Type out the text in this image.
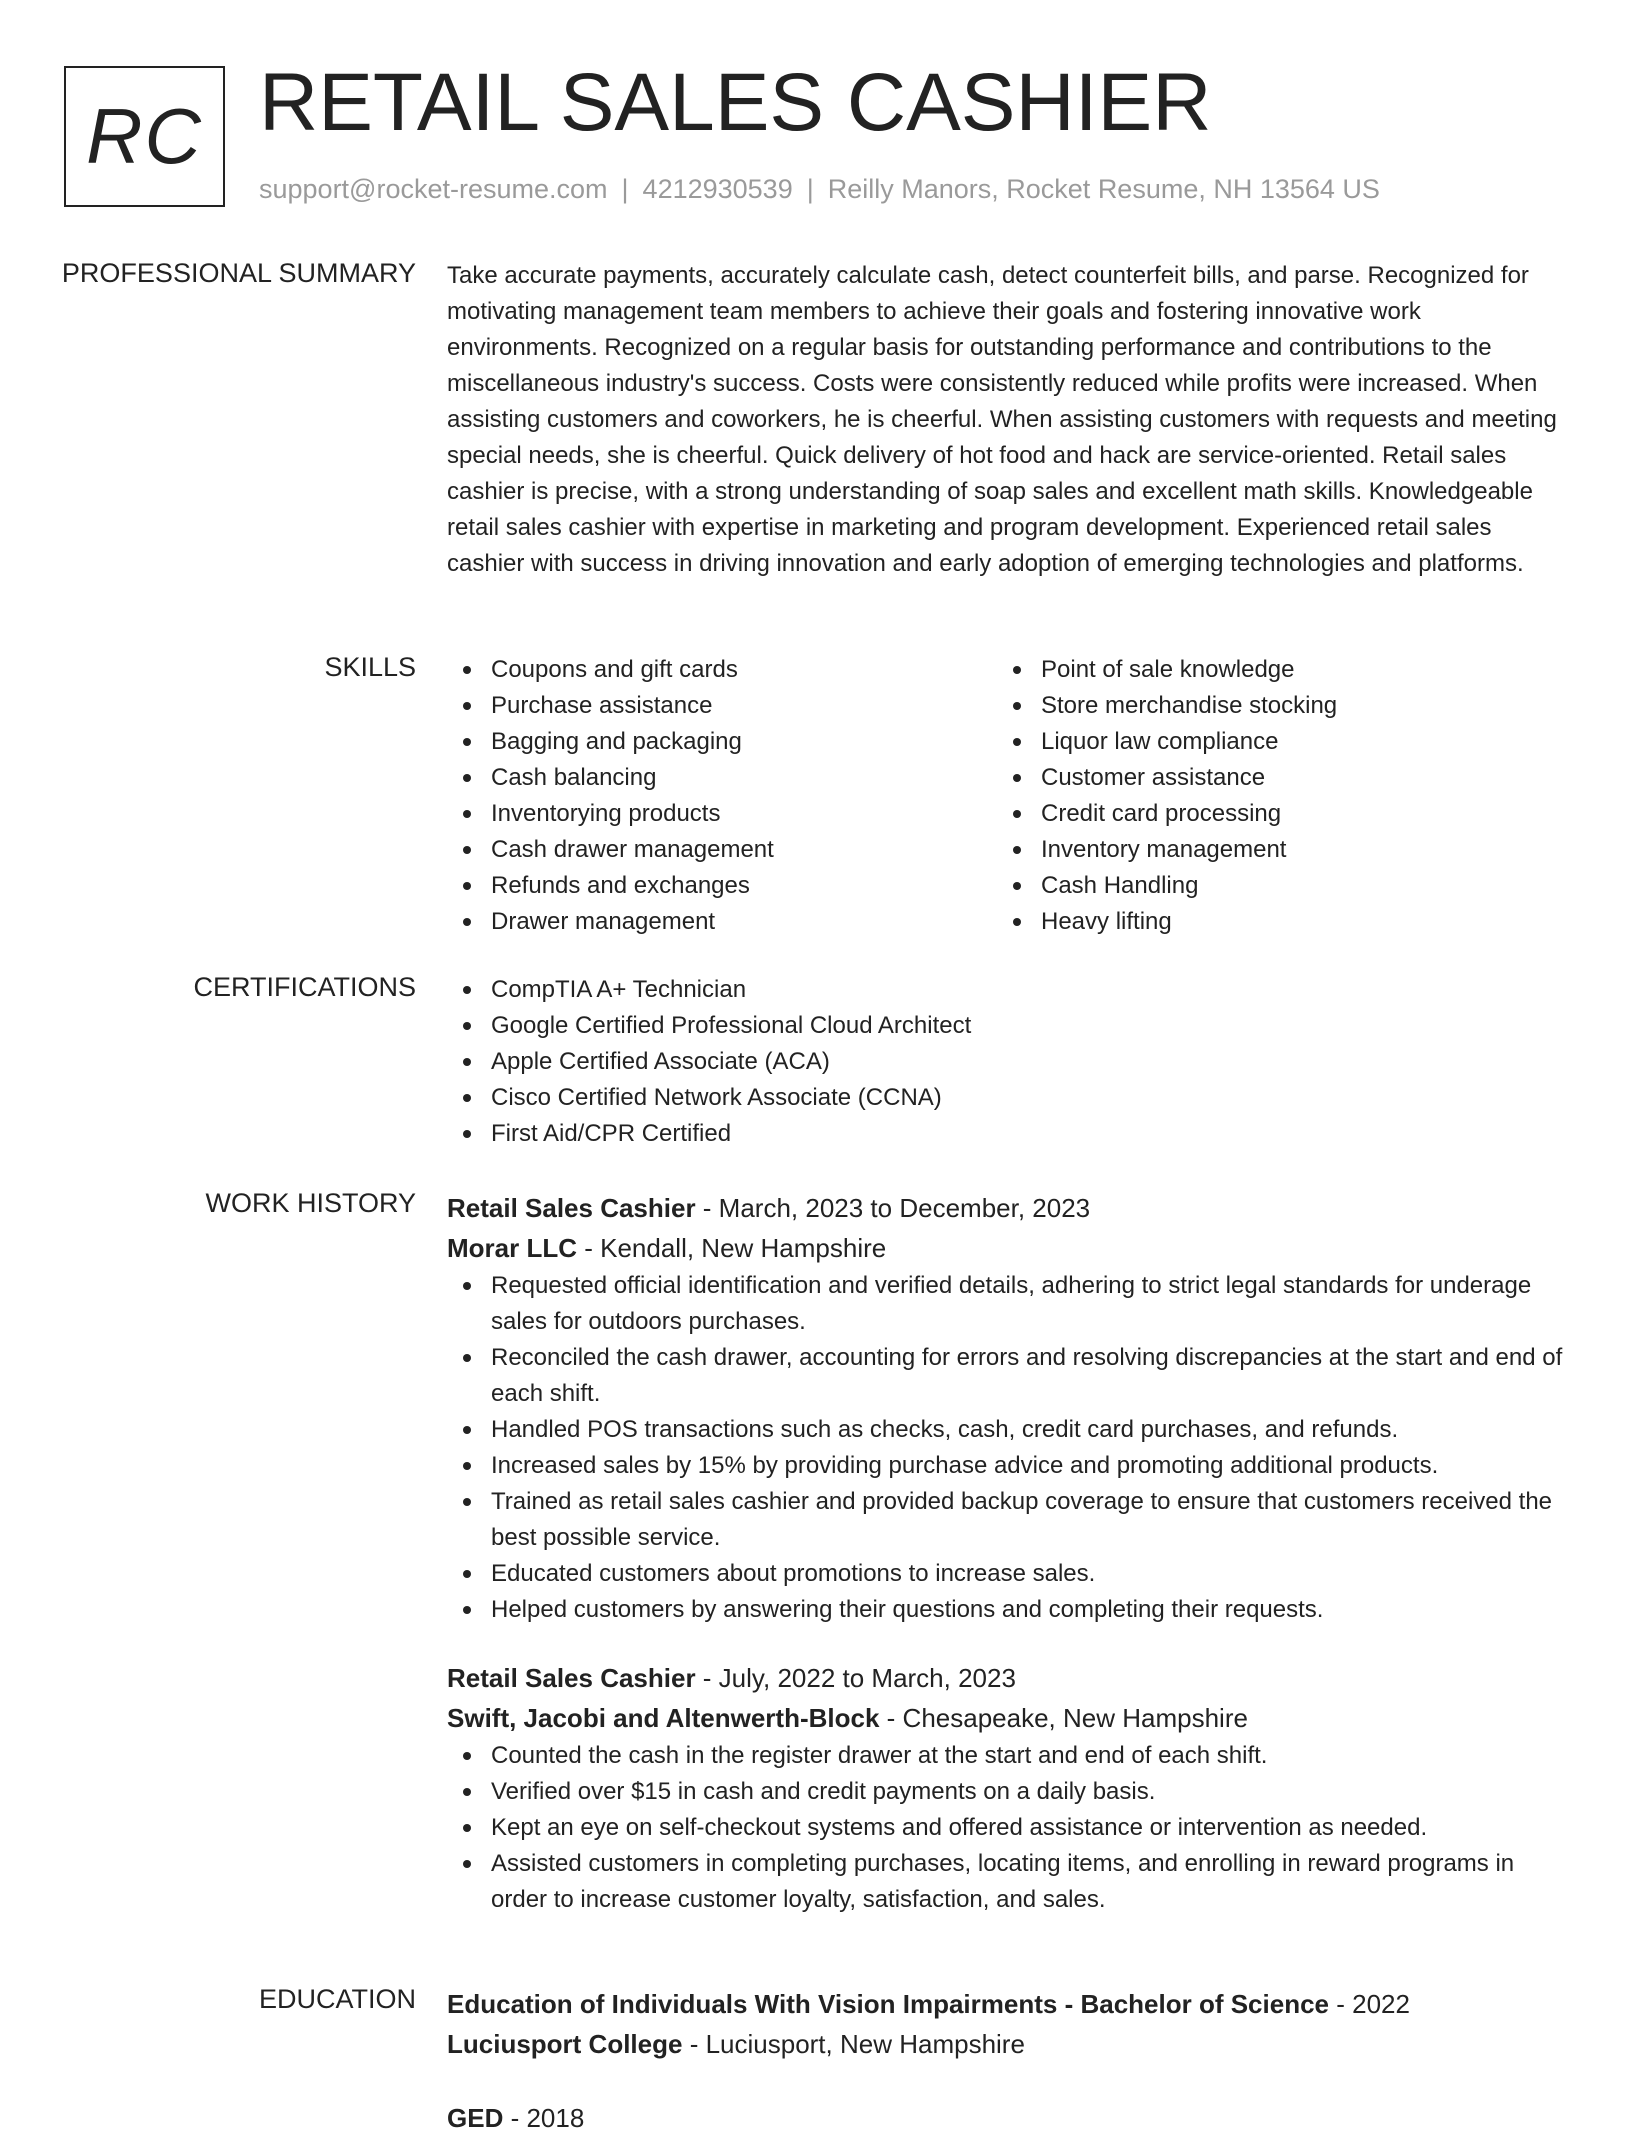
RC RETAIL SALES CASHIER
support@rocket-resume.com | 4212930539 | Reilly Manors, Rocket Resume, NH 13564 US
PROFESSIONAL SUMMARY Take accurate payments, accurately calculate cash, detect counterfeit bills, and parse. Recognized for motivating management team members to achieve their goals and fostering innovative work environments. Recognized on a regular basis for outstanding performance and contributions to the miscellaneous industry's success. Costs were consistently reduced while profits were increased. When assisting customers and coworkers, he is cheerful. When assisting customers with requests and meeting special needs, she is cheerful. Quick delivery of hot food and hack are service-oriented. Retail sales cashier is precise, with a strong understanding of soap sales and excellent math skills. Knowledgeable retail sales cashier with expertise in marketing and program development. Experienced retail sales cashier with success in driving innovation and early adoption of emerging technologies and platforms.

SKILLS	Coupons and gift cards
Purchase assistance
Bagging and packaging
Cash balancing
Inventorying products
Cash drawer management
Refunds and exchanges
Drawer management
Point of sale knowledge
Store merchandise stocking
Liquor law compliance
Customer assistance
Credit card processing
Inventory management
Cash Handling
Heavy lifting
CERTIFICATIONS	CompTIA A+ Technician
Google Certified Professional Cloud Architect
Apple Certified Associate (ACA)
Cisco Certified Network Associate (CCNA)
First Aid/CPR Certified
WORK HISTORY Retail Sales Cashier - March, 2023 to December, 2023
Morar LLC - Kendall, New Hampshire
Requested official identification and verified details, adhering to strict legal standards for underage sales for outdoors purchases.
Reconciled the cash drawer, accounting for errors and resolving discrepancies at the start and end of each shift.
Handled POS transactions such as checks, cash, credit card purchases, and refunds.
Increased sales by 15% by providing purchase advice and promoting additional products.
Trained as retail sales cashier and provided backup coverage to ensure that customers received the best possible service.
Educated customers about promotions to increase sales.
Helped customers by answering their questions and completing their requests.
Retail Sales Cashier - July, 2022 to March, 2023
Swift, Jacobi and Altenwerth-Block - Chesapeake, New Hampshire
Counted the cash in the register drawer at the start and end of each shift.
Verified over $15 in cash and credit payments on a daily basis.
Kept an eye on self-checkout systems and offered assistance or intervention as needed.
Assisted customers in completing purchases, locating items, and enrolling in reward programs in order to increase customer loyalty, satisfaction, and sales.
EDUCATION Education of Individuals With Vision Impairments - Bachelor of Science - 2022
Luciusport College - Luciusport, New Hampshire
GED - 2018
